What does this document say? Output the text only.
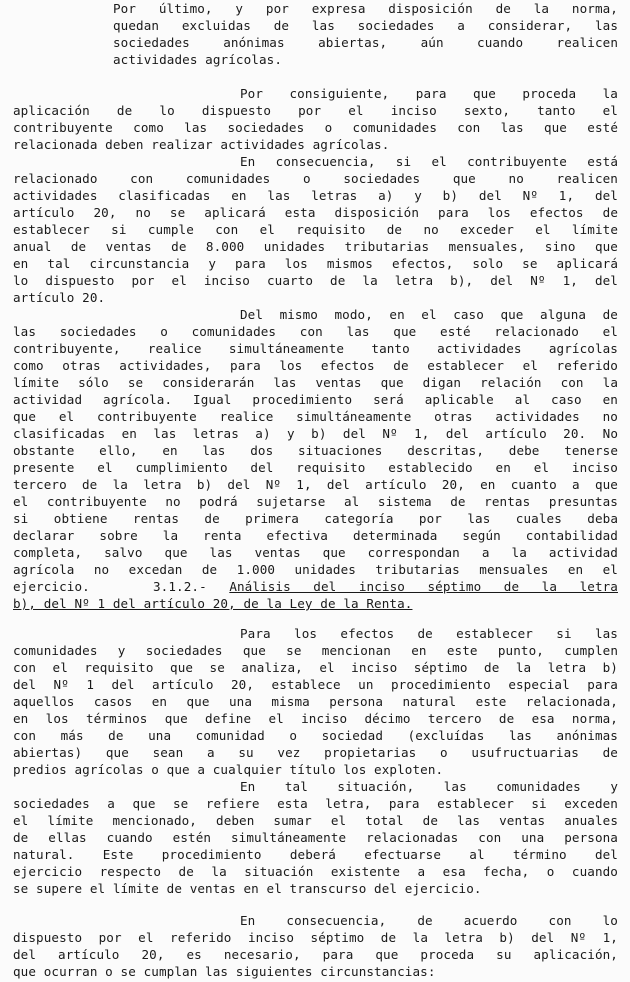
Por último, y por expresa disposición de la norma,
quedan excluidas de las sociedades a considerar, las
sociedades anónimas abiertas, aún cuando realicen
actividades agrícolas.
Por consiguiente, para que proceda la
aplicación de lo dispuesto por el inciso sexto, tanto el
contribuyente como las sociedades o comunidades con las que esté
relacionada deben realizar actividades agrícolas.
En consecuencia, si el contribuyente está
relacionado con comunidades o sociedades que no realicen
actividades clasificadas en las letras a) y b) del Nº 1, del
artículo 20, no se aplicará esta disposición para los efectos de
establecer si cumple con el requisito de no exceder el límite
anual de ventas de 8.000 unidades tributarias mensuales, sino que
en tal circunstancia y para los mismos efectos, solo se aplicará
lo dispuesto por el inciso cuarto de la letra b), del Nº 1, del
artículo 20.
Del mismo modo, en el caso que alguna de
las sociedades o comunidades con las que esté relacionado el
contribuyente, realice simultáneamente tanto actividades agrícolas
como otras actividades, para los efectos de establecer el referido
límite sólo se considerarán las ventas que digan relación con la
actividad agrícola. Igual procedimiento será aplicable al caso en
que el contribuyente realice simultáneamente otras actividades no
clasificadas en las letras a) y b) del Nº 1, del artículo 20. No
obstante ello, en las dos situaciones descritas, debe tenerse
presente el cumplimiento del requisito establecido en el inciso
tercero de la letra b) del Nº 1, del artículo 20, en cuanto a que
el contribuyente no podrá sujetarse al sistema de rentas presuntas
si obtiene rentas de primera categoría por las cuales deba
declarar sobre la renta efectiva determinada según contabilidad
completa, salvo que las ventas que correspondan a la actividad
agrícola no excedan de 1.000 unidades tributarias mensuales en el
ejercicio.	3.1.2.- Análisis del inciso séptimo de la letra
b), del Nº 1 del artículo 20, de la Ley de la Renta.
Para los efectos de establecer si las
comunidades y sociedades que se mencionan en este punto, cumplen
con el requisito que se analiza, el inciso séptimo de la letra b)
del Nº 1 del artículo 20, establece un procedimiento especial para
aquellos casos en que una misma persona natural este relacionada,
en los términos que define el inciso décimo tercero de esa norma,
con más de una comunidad o sociedad (excluídas las anónimas
abiertas) que sean a su vez propietarias o usufructuarias de
predios agrícolas o que a cualquier título los exploten.
En tal situación, las comunidades y
sociedades a que se refiere esta letra, para establecer si exceden
el límite mencionado, deben sumar el total de las ventas anuales
de ellas cuando estén simultáneamente relacionadas con una persona
natural. Este procedimiento deberá efectuarse al término del
ejercicio respecto de la situación existente a esa fecha, o cuando
se supere el límite de ventas en el transcurso del ejercicio.
En consecuencia, de acuerdo con lo
dispuesto por el referido inciso séptimo de la letra b) del Nº 1,
del artículo 20, es necesario, para que proceda su aplicación,
que ocurran o se cumplan las siguientes circunstancias:
